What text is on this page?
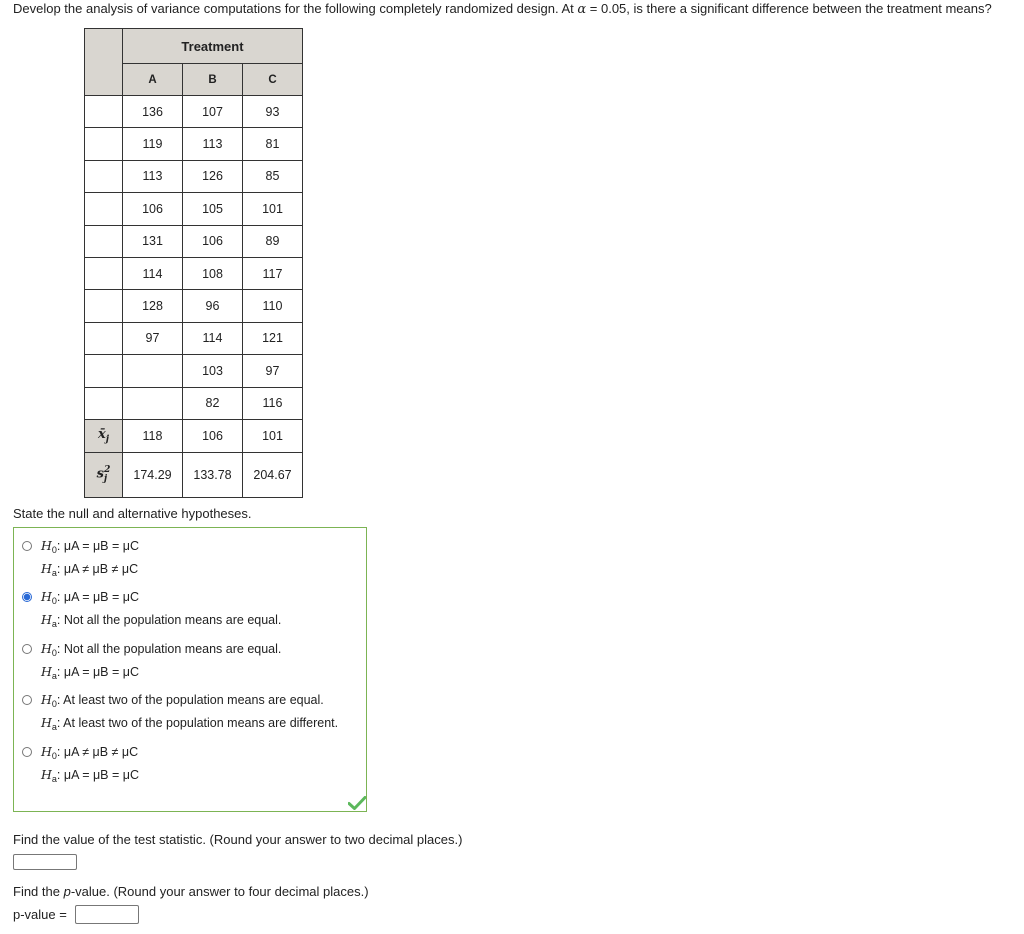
Develop the analysis of variance computations for the following completely randomized design. At α = 0.05, is there a significant difference between the treatment means?
	Treatment		
	A	B	C
	136	107	93
	119	113	81
	113	126	85
	106	105	101
	131	106	89
	114	108	117
	128	96	110
	97	114	121
		103	97
		82	116
$x̄_j$	118	106	101
$s_j^2$	174.29	133.78	204.67
State the null and alternative hypotheses.
$H_0$: μA = μB = μC
$H_a$: μA ≠ μB ≠ μC
$H_0$: μA = μB = μC
$H_a$: Not all the population means are equal.
$H_0$: Not all the population means are equal.
$H_a$: μA = μB = μC
$H_0$: At least two of the population means are equal.
$H_a$: At least two of the population means are different.
$H_0$: μA ≠ μB ≠ μC
$H_a$: μA = μB = μC
Find the value of the test statistic. (Round your answer to two decimal places.)
Find the p-value. (Round your answer to four decimal places.)
p-value =
